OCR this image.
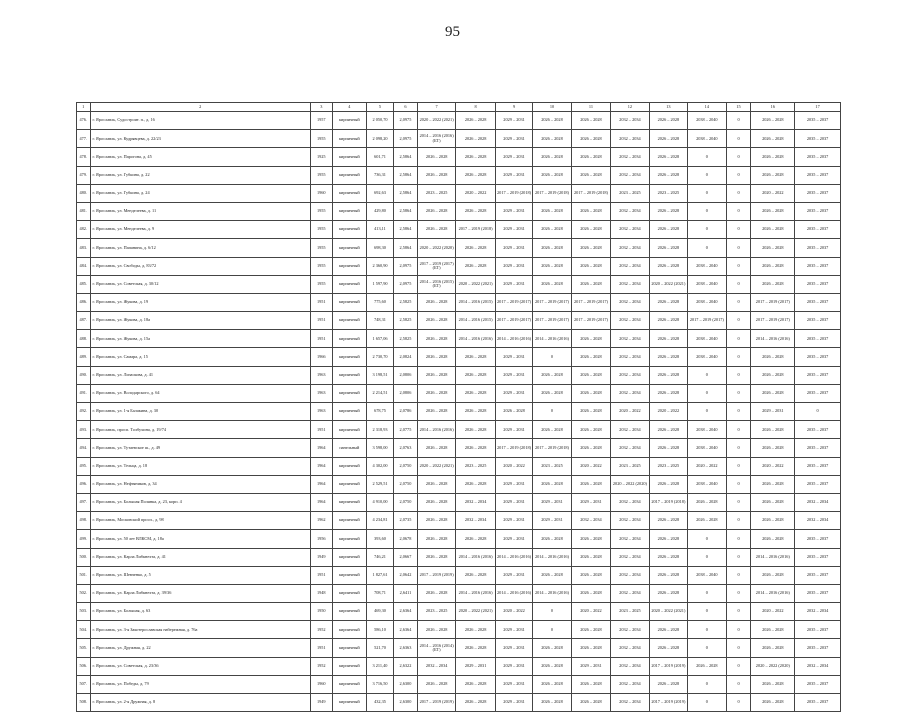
95
1	2	3	4	5	6	7	8	9	10	11	12	13	14	15	16	17
476.	г. Ярославль, Судостроит. п., д. 16	1957	кирпичный	2 050,70	2,0975	2020 – 2022 (2021)	2026 – 2028	2029 – 2031	2026 – 2028	2026 – 2028	2032 – 2034	2026 – 2028	2038 – 2040	0	2026 – 2028	2035 – 2037
477.	г. Ярославль, ул. Кудрявцева, д. 22/23	1955	кирпичный	2 098,20	2,0975	2014 – 2016 (2016) (БТ)	2026 – 2028	2029 – 2031	2026 – 2028	2026 – 2028	2032 – 2034	2026 – 2028	2038 – 2040	0	2026 – 2028	2035 – 2037
478.	г. Ярославль, ул. Парогона, д. 45	1925	кирпичный	601,71	2,5864	2026 – 2028	2026 – 2028	2029 – 2031	2026 – 2028	2026 – 2028	2032 – 2034	2026 – 2028	0	0	2026 – 2028	2035 – 2037
479.	г. Ярославль, ул. Губкина, д. 22	1955	кирпичный	736,31	2,5864	2026 – 2028	2026 – 2028	2029 – 2031	2026 – 2028	2026 – 2028	2032 – 2034	2026 – 2028	0	0	2026 – 2028	2035 – 2037
480.	г. Ярославль, ул. Губкина, д. 24	1960	кирпичный	692,63	2,5864	2023 – 2025	2020 – 2022	2017 – 2019 (2018)	2017 – 2019 (2018)	2017 – 2019 (2018)	2023 – 2025	2023 – 2025	0	0	2020 – 2022	2035 – 2037
481.	г. Ярославль, ул. Менделеева, д. 11	1955	кирпичный	429,80	2,5864	2026 – 2028	2026 – 2028	2029 – 2031	2026 – 2028	2026 – 2028	2032 – 2034	2026 – 2028	0	0	2026 – 2028	2035 – 2037
482.	г. Ярославль, ул. Менделеева, д. 9	1955	кирпичный	413,11	2,5864	2026 – 2028	2017 – 2019 (2018)	2029 – 2031	2026 – 2028	2026 – 2028	2032 – 2034	2026 – 2028	0	0	2026 – 2028	2035 – 2037
483.	г. Ярославль, ул. Папанина, д. 6/12	1955	кирпичный	698,30	2,5864	2020 – 2022 (2020)	2026 – 2028	2029 – 2031	2026 – 2028	2026 – 2028	2032 – 2034	2026 – 2028	0	0	2026 – 2028	2035 – 2037
484.	г. Ярославль, ул. Свободы, д. 83/72	1955	кирпичный	2 360,90	2,0975	2017 – 2019 (2017) (БТ)	2026 – 2028	2029 – 2031	2026 – 2028	2026 – 2028	2032 – 2034	2026 – 2028	2038 – 2040	0	2026 – 2028	2035 – 2037
485.	г. Ярославль, ул. Советская, д. 30/12	1955	кирпичный	1 597,90	2,0975	2014 – 2016 (2015) (БТ)	2020 – 2022 (2021)	2029 – 2031	2026 – 2028	2026 – 2028	2032 – 2034	2020 – 2022 (2021)	2038 – 2040	0	2026 – 2028	2035 – 2037
486.	г. Ярославль, ул. Жукова, д. 19	1951	кирпичный	775,60	2,5825	2026 – 2028	2014 – 2016 (2015)	2017 – 2019 (2017)	2017 – 2019 (2017)	2017 – 2019 (2017)	2032 – 2034	2026 – 2028	2038 – 2040	0	2017 – 2019 (2017)	2035 – 2037
487.	г. Ярославль, ул. Жукова, д. 18а	1951	кирпичный	748,31	2,5825	2026 – 2028	2014 – 2016 (2015)	2017 – 2019 (2017)	2017 – 2019 (2017)	2017 – 2019 (2017)	2032 – 2034	2026 – 2028	2017 – 2019 (2017)	0	2017 – 2019 (2017)	2035 – 2037
488.	г. Ярославль, ул. Жукова, д. 15а	1951	кирпичный	1 657,06	2,5825	2026 – 2028	2014 – 2016 (2016)	2014 – 2016 (2016)	2014 – 2016 (2016)	2026 – 2028	2032 – 2034	2026 – 2028	2038 – 2040	0	2014 – 2016 (2016)	2035 – 2037
489.	г. Ярославль, ул. Самара, д. 15	1966	кирпичный	2 730,70	2,0824	2026 – 2028	2026 – 2028	2029 – 2031	0	2026 – 2028	2032 – 2034	2026 – 2028	2038 – 2040	0	2026 – 2028	2035 – 2037
490.	г. Ярославль, ул. Лизаскова, д. 41	1963	кирпичный	3 198,51	2,0806	2026 – 2028	2026 – 2028	2029 – 2031	2026 – 2028	2026 – 2028	2032 – 2034	2026 – 2028	0	0	2026 – 2028	2035 – 2037
491.	г. Ярославль, ул. Володарского, д. 64	1963	кирпичный	2 214,51	2,0806	2026 – 2028	2026 – 2028	2029 – 2031	2026 – 2028	2026 – 2028	2032 – 2034	2026 – 2028	0	0	2026 – 2028	2035 – 2037
492.	г. Ярославль, ул. 1-я Балакина, д. 30	1963	кирпичный	678,75	2,0786	2026 – 2028	2026 – 2028	2026 – 2028	0	2026 – 2028	2020 – 2022	2020 – 2022	0	0	2029 – 2031	0
493.	г. Ярославль, просп. Толбухина, д. 19/74	1951	кирпичный	2 318,93	2,0775	2014 – 2016 (2016)	2026 – 2028	2029 – 2031	2026 – 2028	2026 – 2028	2032 – 2034	2026 – 2028	2038 – 2040	0	2026 – 2028	2035 – 2037
494.	г. Ярославль, ул. Тутаевское ш., д. 49	1964	панельный	3 598,00	2,0763	2026 – 2028	2026 – 2028	2017 – 2019 (2018)	2017 – 2019 (2018)	2026 – 2028	2032 – 2034	2026 – 2028	2038 – 2040	0	2026 – 2028	2035 – 2037
495.	г. Ярославль, ул. Тельца, д. 18	1964	кирпичный	4 302,00	2,0750	2020 – 2022 (2021)	2023 – 2025	2020 – 2022	2023 – 2025	2020 – 2022	2023 – 2025	2023 – 2025	2020 – 2022	0	2020 – 2022	2035 – 2037
496.	г. Ярославль, ул. Нефтяников, д. 34	1964	кирпичный	2 529,51	2,0750	2026 – 2028	2026 – 2028	2029 – 2031	2026 – 2028	2026 – 2028	2020 – 2022 (2020)	2026 – 2028	2038 – 2040	0	2026 – 2028	2035 – 2037
497.	г. Ярославль, ул. Большая Полянка, д. 23, корп. 4	1964	кирпичный	4 910,00	2,0750	2026 – 2028	2032 – 2034	2029 – 2031	2029 – 2031	2029 – 2031	2032 – 2034	2017 – 2019 (2018)	2026 – 2028	0	2026 – 2028	2032 – 2034
498.	г. Ярославль, Московский просп., д. 98	1962	кирпичный	4 234,81	2,0735	2026 – 2028	2032 – 2034	2029 – 2031	2029 – 2031	2032 – 2034	2032 – 2034	2026 – 2028	2026 – 2028	0	2026 – 2028	2032 – 2034
499.	г. Ярославль, ул. 50 лет ВЛКСМ, д. 18а	1956	кирпичный	393,60	2,0678	2026 – 2028	2026 – 2028	2029 – 2031	2026 – 2028	2026 – 2028	2032 – 2034	2026 – 2028	0	0	2026 – 2028	2035 – 2037
500.	г. Ярославль, ул. Карла Либкнехта, д. 41	1949	кирпичный	746,21	2,0667	2026 – 2028	2014 – 2016 (2016)	2014 – 2016 (2016)	2014 – 2016 (2016)	2026 – 2028	2032 – 2034	2026 – 2028	0	0	2014 – 2016 (2016)	2035 – 2037
501.	г. Ярославль, ул. Шевченко, д. 5	1951	кирпичный	1 827,61	2,0642	2017 – 2019 (2019)	2026 – 2028	2029 – 2031	2026 – 2028	2026 – 2028	2032 – 2034	2026 – 2028	2038 – 2040	0	2026 – 2028	2035 – 2037
502.	г. Ярославль, ул. Карла Либкнехта, д. 39/36	1948	кирпичный	708,71	2,6411	2026 – 2028	2014 – 2016 (2016)	2014 – 2016 (2016)	2014 – 2016 (2016)	2026 – 2028	2032 – 2034	2026 – 2028	0	0	2014 – 2016 (2016)	2035 – 2037
503.	г. Ярославль, ул. Большая, д. 63	1950	кирпичный	469,30	2,6364	2023 – 2025	2020 – 2022 (2021)	2020 – 2022	0	2020 – 2022	2023 – 2025	2020 – 2022 (2021)	0	0	2020 – 2022	2032 – 2034
504.	г. Ярославль, ул. 3-я Закотерославская набережная, д. 76а	1952	кирпичный	586,10	2,6364	2026 – 2028	2026 – 2028	2029 – 2031	0	2026 – 2028	2032 – 2034	2026 – 2028	0	0	2026 – 2028	2035 – 2037
505.	г. Ярославль, ул. Дружная, д. 22	1951	кирпичный	521,70	2,6363	2014 – 2016 (2014) (БТ)	2026 – 2028	2029 – 2031	2026 – 2028	2026 – 2028	2032 – 2034	2026 – 2028	0	0	2026 – 2028	2035 – 2037
506.	г. Ярославль, ул. Советская, д. 23/36	1952	кирпичный	3 211,40	2,6322	2032 – 2034	2029 – 2031	2029 – 2031	2026 – 2028	2029 – 2031	2032 – 2034	2017 – 2019 (2019)	2026 – 2028	0	2020 – 2022 (2020)	2032 – 2034
507.	г. Ярославль, ул. Победы, д. 79	1960	кирпичный	3 716,50	2,6300	2026 – 2028	2026 – 2028	2029 – 2031	2026 – 2028	2026 – 2028	2032 – 2034	2026 – 2028	0	0	2026 – 2028	2035 – 2037
508.	г. Ярославль, ул. 2-я Дружная, д. 8	1949	кирпичный	432,35	2,6300	2017 – 2019 (2019)	2026 – 2028	2029 – 2031	2026 – 2028	2026 – 2028	2032 – 2034	2017 – 2019 (2019)	0	0	2026 – 2028	2035 – 2037
